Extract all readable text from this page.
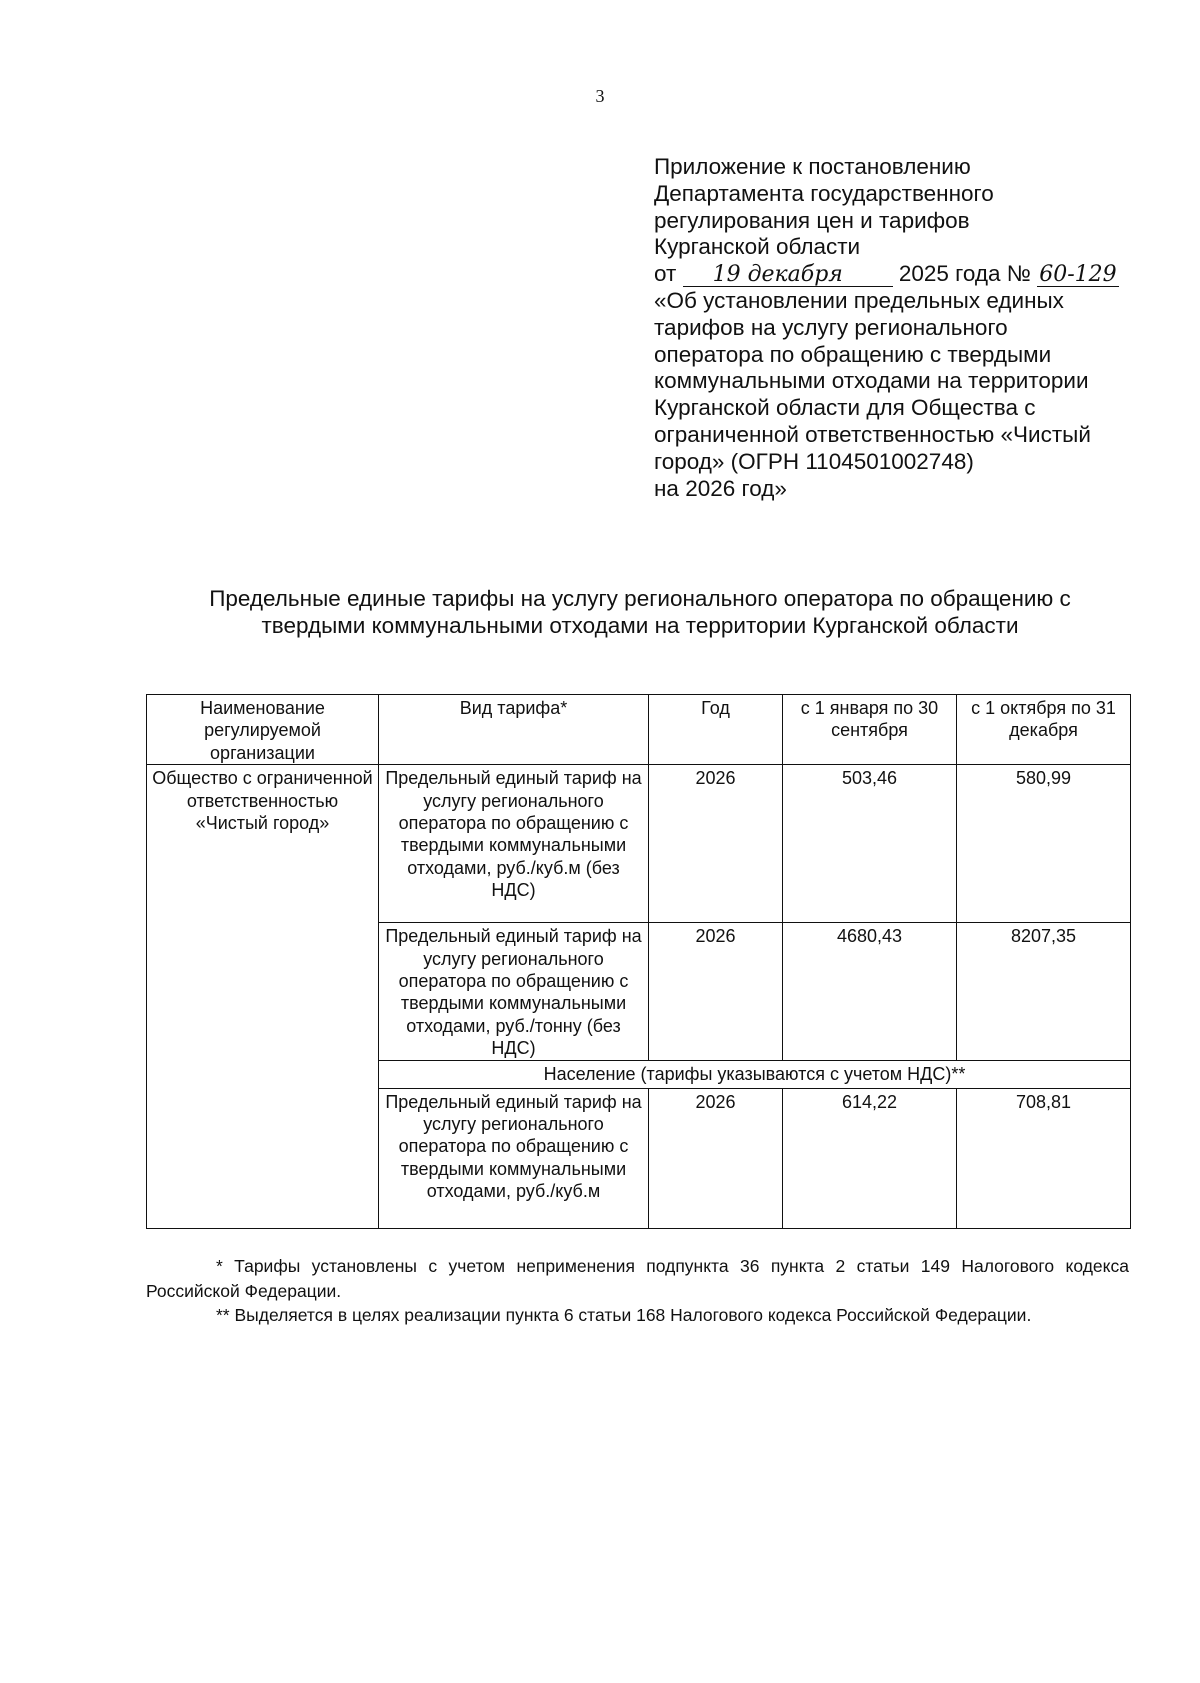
3
Приложение к постановлению
Департамента государственного
регулирования цен и тарифов
Курганской области
от 19 декабря 2025 года № 60-129
«Об установлении предельных единых
тарифов на услугу регионального
оператора по обращению с твердыми
коммунальными отходами на территории
Курганской области для Общества с
ограниченной ответственностью «Чистый
город» (ОГРН 1104501002748)
на 2026 год»
Предельные единые тарифы на услугу регионального оператора по обращению с
твердыми коммунальными отходами на территории Курганской области
Наименование регулируемой организации	Вид тарифа*	Год	с 1 января по 30 сентября	с 1 октября по 31 декабря
Общество с ограниченной ответственностью «Чистый город»	Предельный единый тариф на услугу регионального оператора по обращению с твердыми коммунальными отходами, руб./куб.м (без НДС)	2026	503,46	580,99
	Предельный единый тариф на услугу регионального оператора по обращению с твердыми коммунальными отходами, руб./тонну (без НДС)	2026	4680,43	8207,35
	Население (тарифы указываются с учетом НДС)**			
	Предельный единый тариф на услугу регионального оператора по обращению с твердыми коммунальными отходами, руб./куб.м	2026	614,22	708,81

* Тарифы установлены с учетом неприменения подпункта 36 пункта 2 статьи 149 Налогового кодекса Российской Федерации.

** Выделяется в целях реализации пункта 6 статьи 168 Налогового кодекса Российской Федерации.
